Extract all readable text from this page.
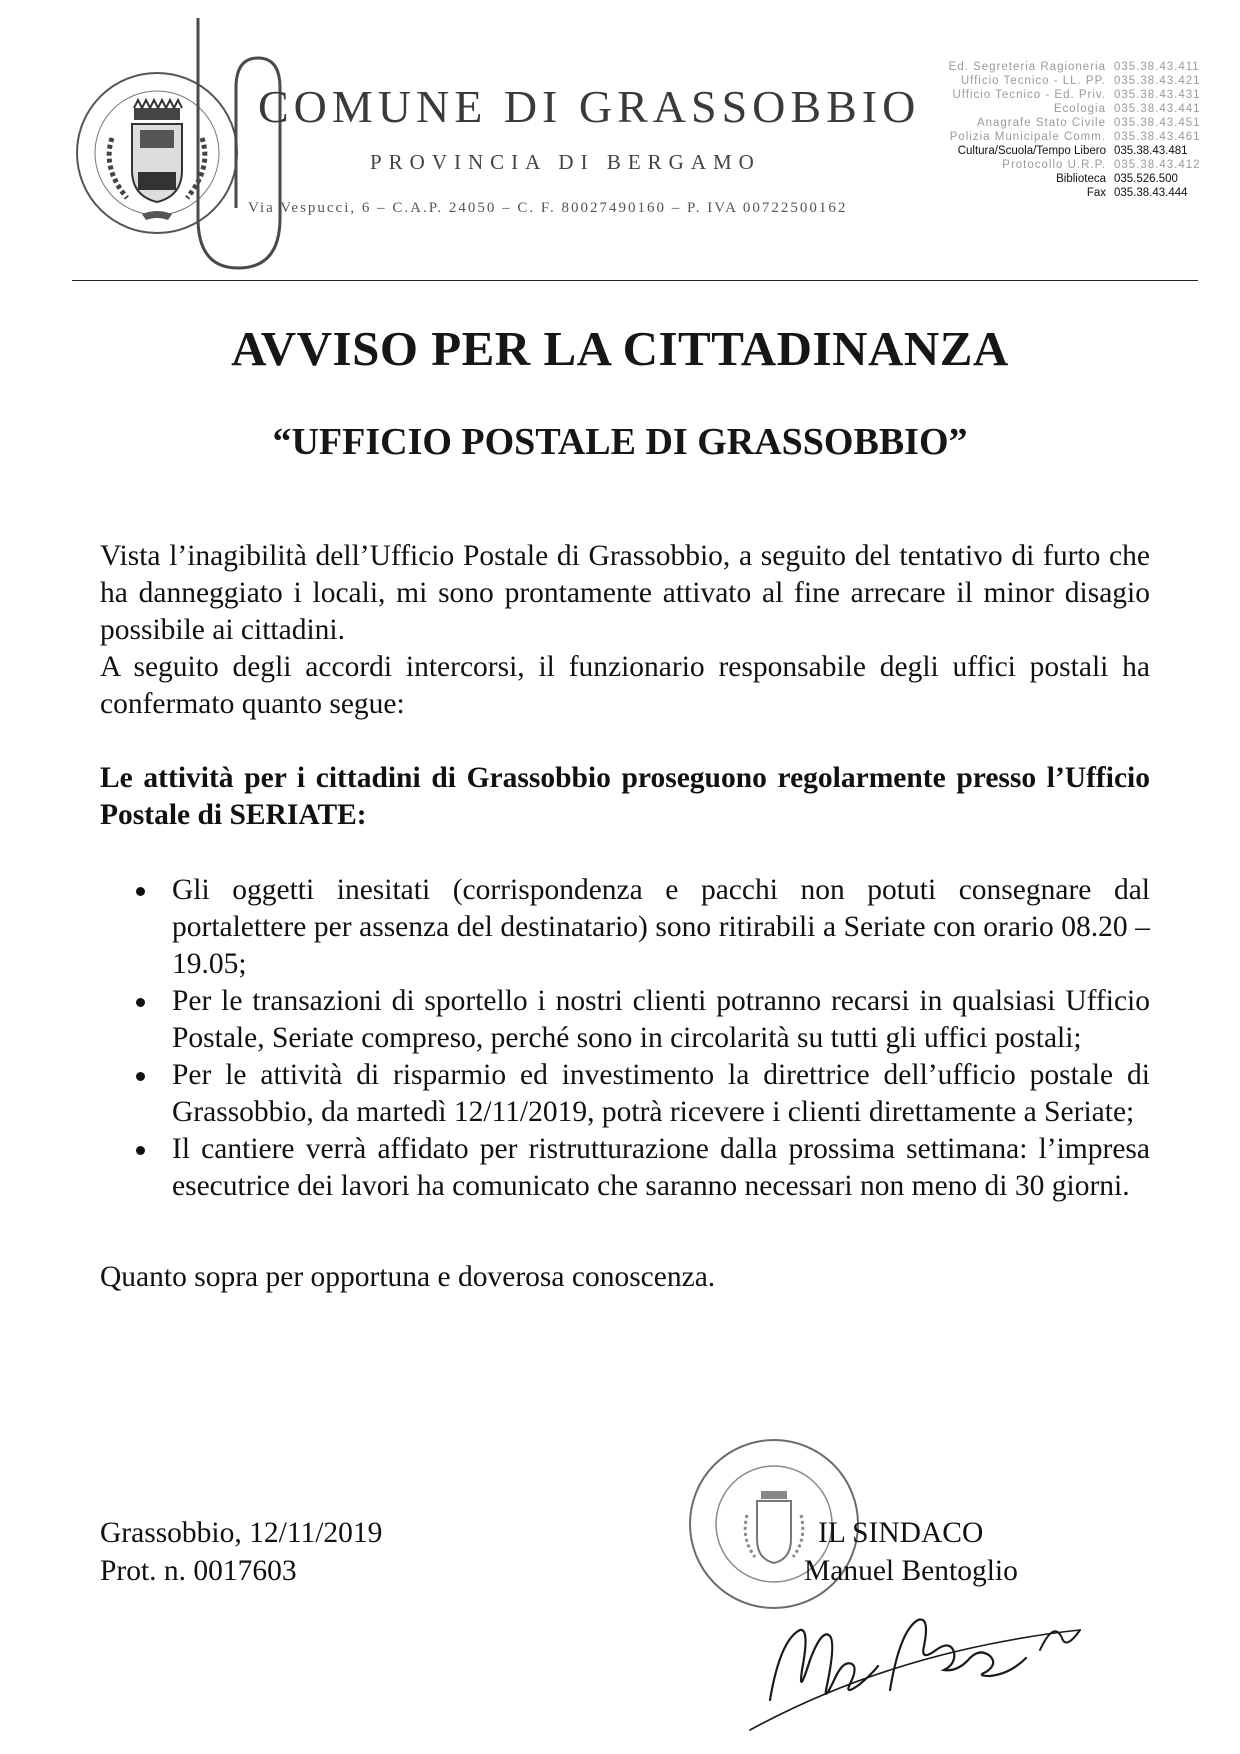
COMUNE DI GRASSOBBIO
PROVINCIA DI BERGAMO
Via Vespucci, 6 – C.A.P. 24050 – C. F. 80027490160 – P. IVA 00722500162
Ed. Segreteria Ragioneria 035.38.43.411
Ufficio Tecnico - LL. PP. 035.38.43.421
Ufficio Tecnico - Ed. Priv. 035.38.43.431
Ecologia 035.38.43.441
Anagrafe Stato Civile 035.38.43.451
Polizia Municipale Comm. 035.38.43.461
Cultura/Scuola/Tempo Libero 035.38.43.481
Protocollo U.R.P. 035.38.43.412
Biblioteca 035.526.500
Fax 035.38.43.444
AVVISO PER LA CITTADINANZA
“UFFICIO POSTALE DI GRASSOBBIO”

Vista l’inagibilità dell’Ufficio Postale di Grassobbio, a seguito del tentativo di furto che ha danneggiato i locali, mi sono prontamente attivato al fine arrecare il minor disagio possibile ai cittadini.

A seguito degli accordi intercorsi, il funzionario responsabile degli uffici postali ha confermato quanto segue:

Le attività per i cittadini di Grassobbio proseguono regolarmente presso l’Ufficio Postale di SERIATE:

Gli oggetti inesitati (corrispondenza e pacchi non potuti consegnare dal portalettere per assenza del destinatario) sono ritirabili a Seriate con orario 08.20 – 19.05;
Per le transazioni di sportello i nostri clienti potranno recarsi in qualsiasi Ufficio Postale, Seriate compreso, perché sono in circolarità su tutti gli uffici postali;
Per le attività di risparmio ed investimento la direttrice dell’ufficio postale di Grassobbio, da martedì 12/11/2019, potrà ricevere i clienti direttamente a Seriate;
Il cantiere verrà affidato per ristrutturazione dalla prossima settimana: l’impresa esecutrice dei lavori ha comunicato che saranno necessari non meno di 30 giorni.

Quanto sopra per opportuna e doverosa conoscenza.

Grassobbio, 12/11/2019
Prot. n. 0017603
IL SINDACO
Manuel Bentoglio
